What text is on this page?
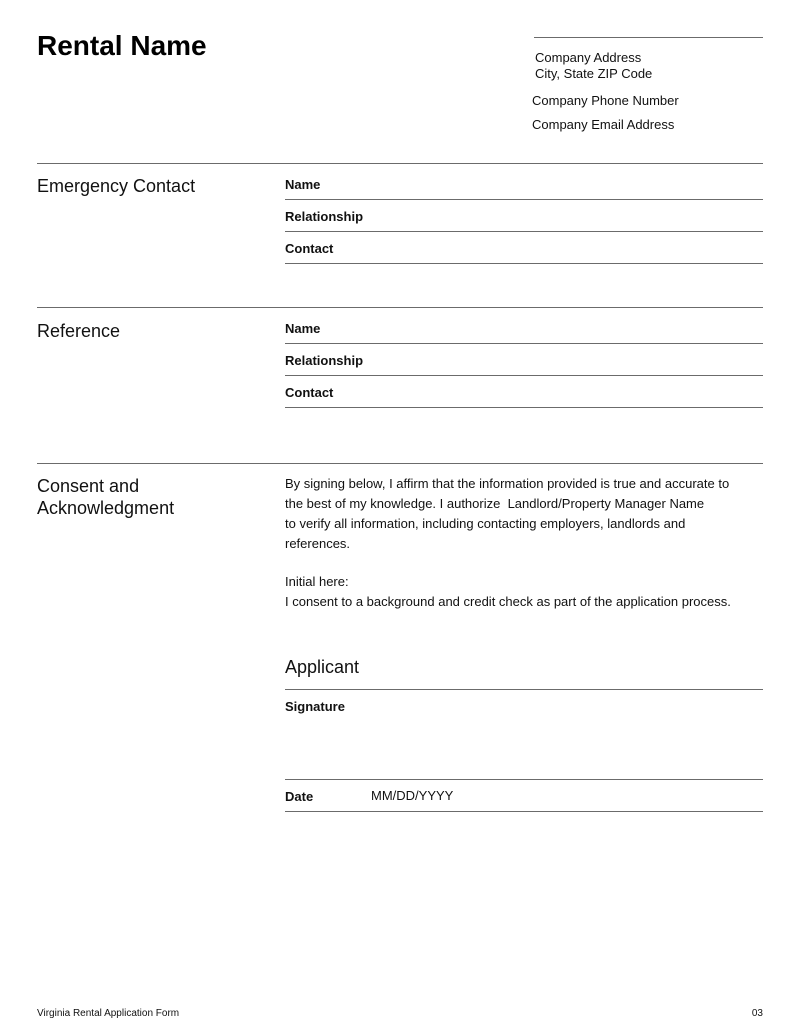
Rental Name	Company Address
City, State ZIP Code
Company Phone Number
Company Email Address
Emergency Contact	Name
Relationship
Contact
Reference	Name
Relationship
Contact
Consent and
Acknowledgment
By signing below, I affirm that the information provided is true and accurate to
the best of my knowledge. I authorize  Landlord/Property Manager Name
to verify all information, including contacting employers, landlords and
references.
Initial here:
I consent to a background and credit check as part of the application process.
Applicant
Signature
Date	MM/DD/YYYY
Virginia Rental Application Form	03
